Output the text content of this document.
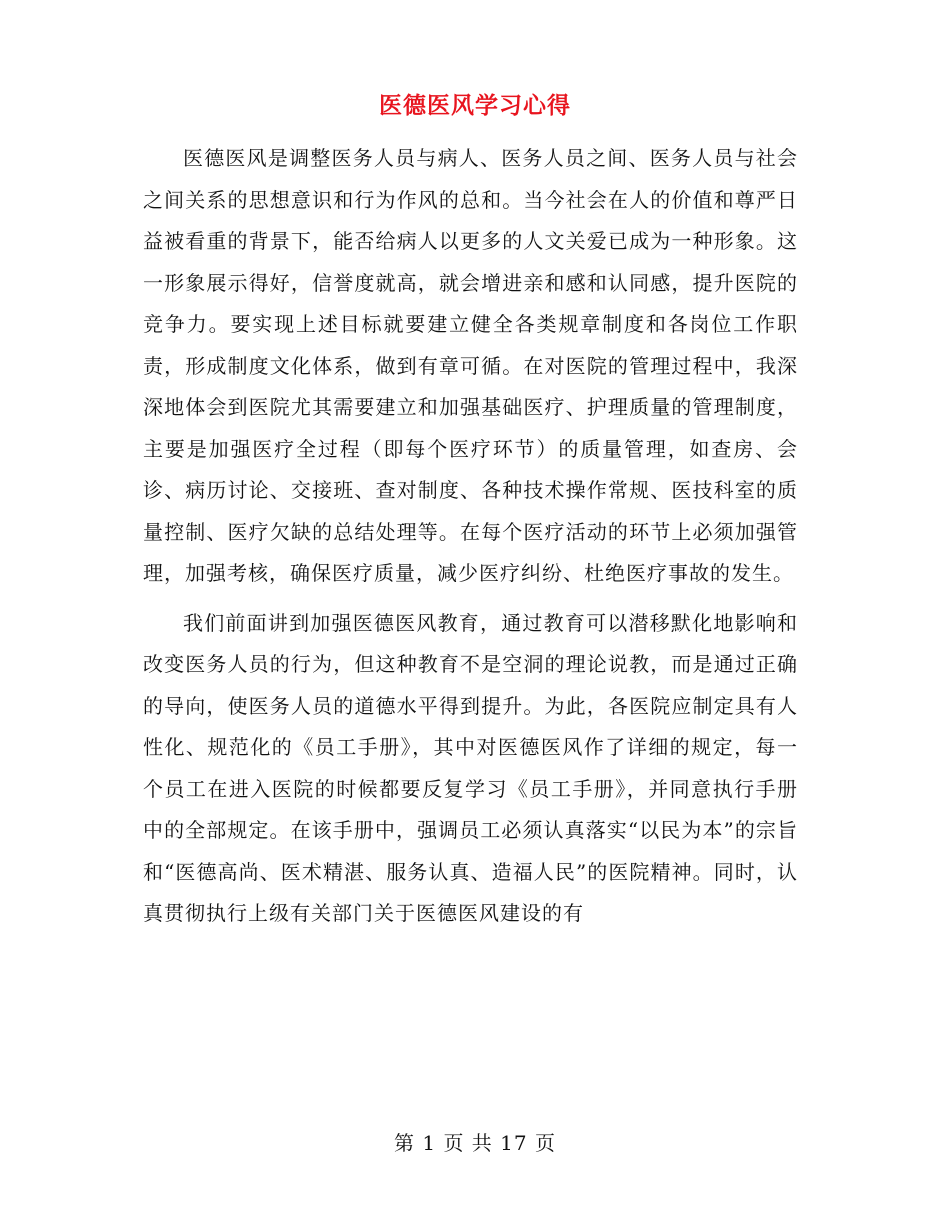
医德医风学习心得

医德医风是调整医务人员与病人、医务人员之间、医务人员与社会之间关系的思想意识和行为作风的总和。当今社会在人的价值和尊严日益被看重的背景下，能否给病人以更多的人文关爱已成为一种形象。这一形象展示得好，信誉度就高，就会增进亲和感和认同感，提升医院的竞争力。要实现上述目标就要建立健全各类规章制度和各岗位工作职责，形成制度文化体系，做到有章可循。在对医院的管理过程中，我深深地体会到医院尤其需要建立和加强基础医疗、护理质量的管理制度，主要是加强医疗全过程（即每个医疗环节）的质量管理，如查房、会诊、病历讨论、交接班、查对制度、各种技术操作常规、医技科室的质量控制、医疗欠缺的总结处理等。在每个医疗活动的环节上必须加强管理，加强考核，确保医疗质量，减少医疗纠纷、杜绝医疗事故的发生。

我们前面讲到加强医德医风教育，通过教育可以潜移默化地影响和改变医务人员的行为，但这种教育不是空洞的理论说教，而是通过正确的导向，使医务人员的道德水平得到提升。为此，各医院应制定具有人性化、规范化的《员工手册》，其中对医德医风作了详细的规定，每一个员工在进入医院的时候都要反复学习《员工手册》，并同意执行手册中的全部规定。在该手册中，强调员工必须认真落实“以民为本”的宗旨和“医德高尚、医术精湛、服务认真、造福人民”的医院精神。同时，认真贯彻执行上级有关部门关于医德医风建设的有

第 1 页 共 17 页
